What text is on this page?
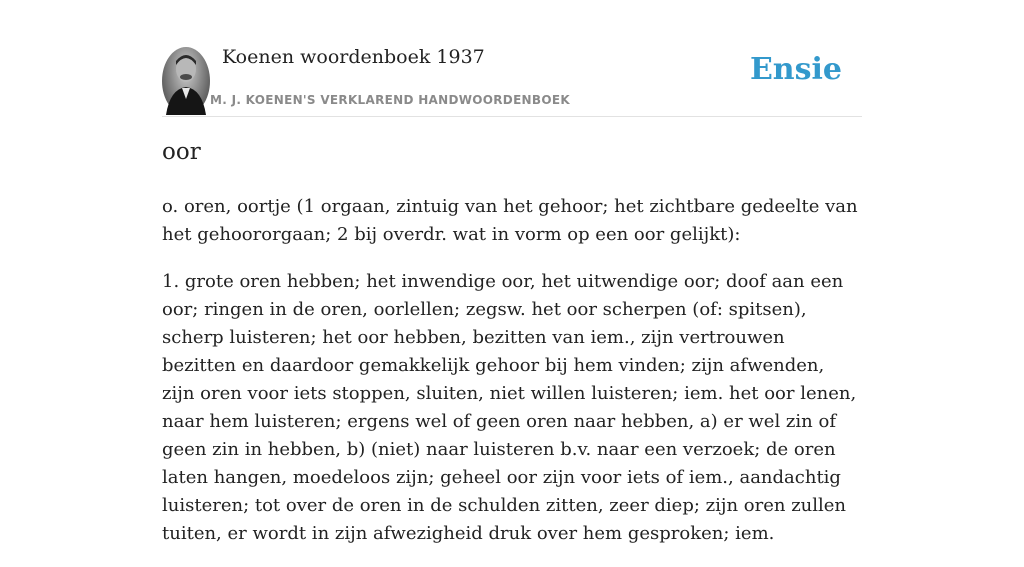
Koenen woordenboek 1937
M. J. KOENEN'S VERKLAREND HANDWOORDENBOEK
Ensie
oor

o. oren, oortje (1 orgaan, zintuig van het gehoor; het zichtbare gedeelte van het gehoororgaan; 2 bij overdr. wat in vorm op een oor gelijkt):

1. grote oren hebben; het inwendige oor, het uitwendige oor; doof aan een oor; ringen in de oren, oorlellen; zegsw. het oor scherpen (of: spitsen), scherp luisteren; het oor hebben, bezitten van iem., zijn vertrouwen bezitten en daardoor gemakkelijk gehoor bij hem vinden; zijn afwenden, zijn oren voor iets stoppen, sluiten, niet willen luisteren; iem. het oor lenen, naar hem luisteren; ergens wel of geen oren naar hebben, a) er wel zin of geen zin in hebben, b) (niet) naar luisteren b.v. naar een verzoek; de oren laten hangen, moedeloos zijn; geheel oor zijn voor iets of iem., aandachtig luisteren; tot over de oren in de schulden zitten, zeer diep; zijn oren zullen tuiten, er wordt in zijn afwezigheid druk over hem gesproken; iem.
